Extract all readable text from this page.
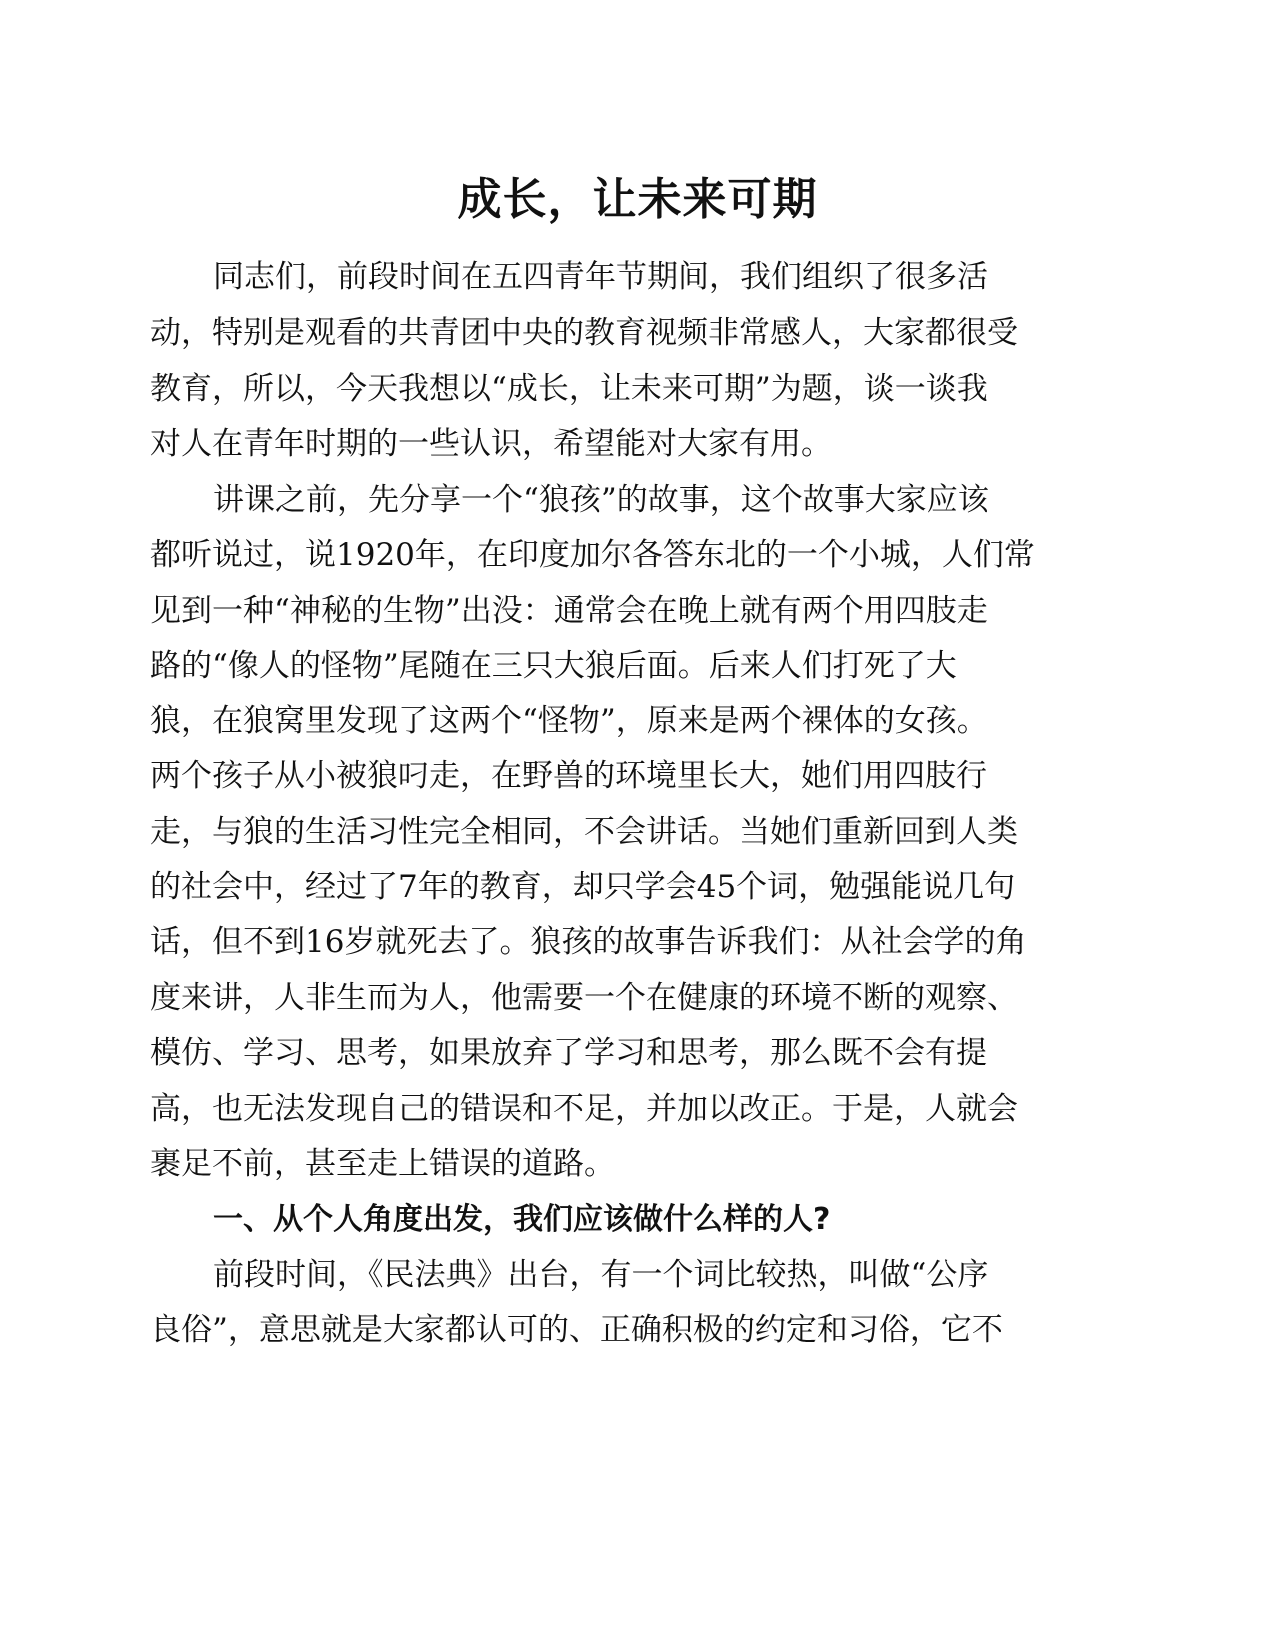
成长，让未来可期

同志们，前段时间在五四青年节期间，我们组织了很多活

动，特别是观看的共青团中央的教育视频非常感人，大家都很受

教育，所以，今天我想以“成长，让未来可期”为题，谈一谈我

对人在青年时期的一些认识，希望能对大家有用。

讲课之前，先分享一个“狼孩”的故事，这个故事大家应该

都听说过，说1920年，在印度加尔各答东北的一个小城，人们常

见到一种“神秘的生物”出没：通常会在晚上就有两个用四肢走

路的“像人的怪物”尾随在三只大狼后面。后来人们打死了大

狼，在狼窝里发现了这两个“怪物”，原来是两个裸体的女孩。

两个孩子从小被狼叼走，在野兽的环境里长大，她们用四肢行

走，与狼的生活习性完全相同，不会讲话。当她们重新回到人类

的社会中，经过了7年的教育，却只学会45个词，勉强能说几句

话，但不到16岁就死去了。狼孩的故事告诉我们：从社会学的角

度来讲，人非生而为人，他需要一个在健康的环境不断的观察、

模仿、学习、思考，如果放弃了学习和思考，那么既不会有提

高，也无法发现自己的错误和不足，并加以改正。于是，人就会

裹足不前，甚至走上错误的道路。

一、从个人角度出发，我们应该做什么样的人?

前段时间，《民法典》出台，有一个词比较热，叫做“公序

良俗”，意思就是大家都认可的、正确积极的约定和习俗，它不
